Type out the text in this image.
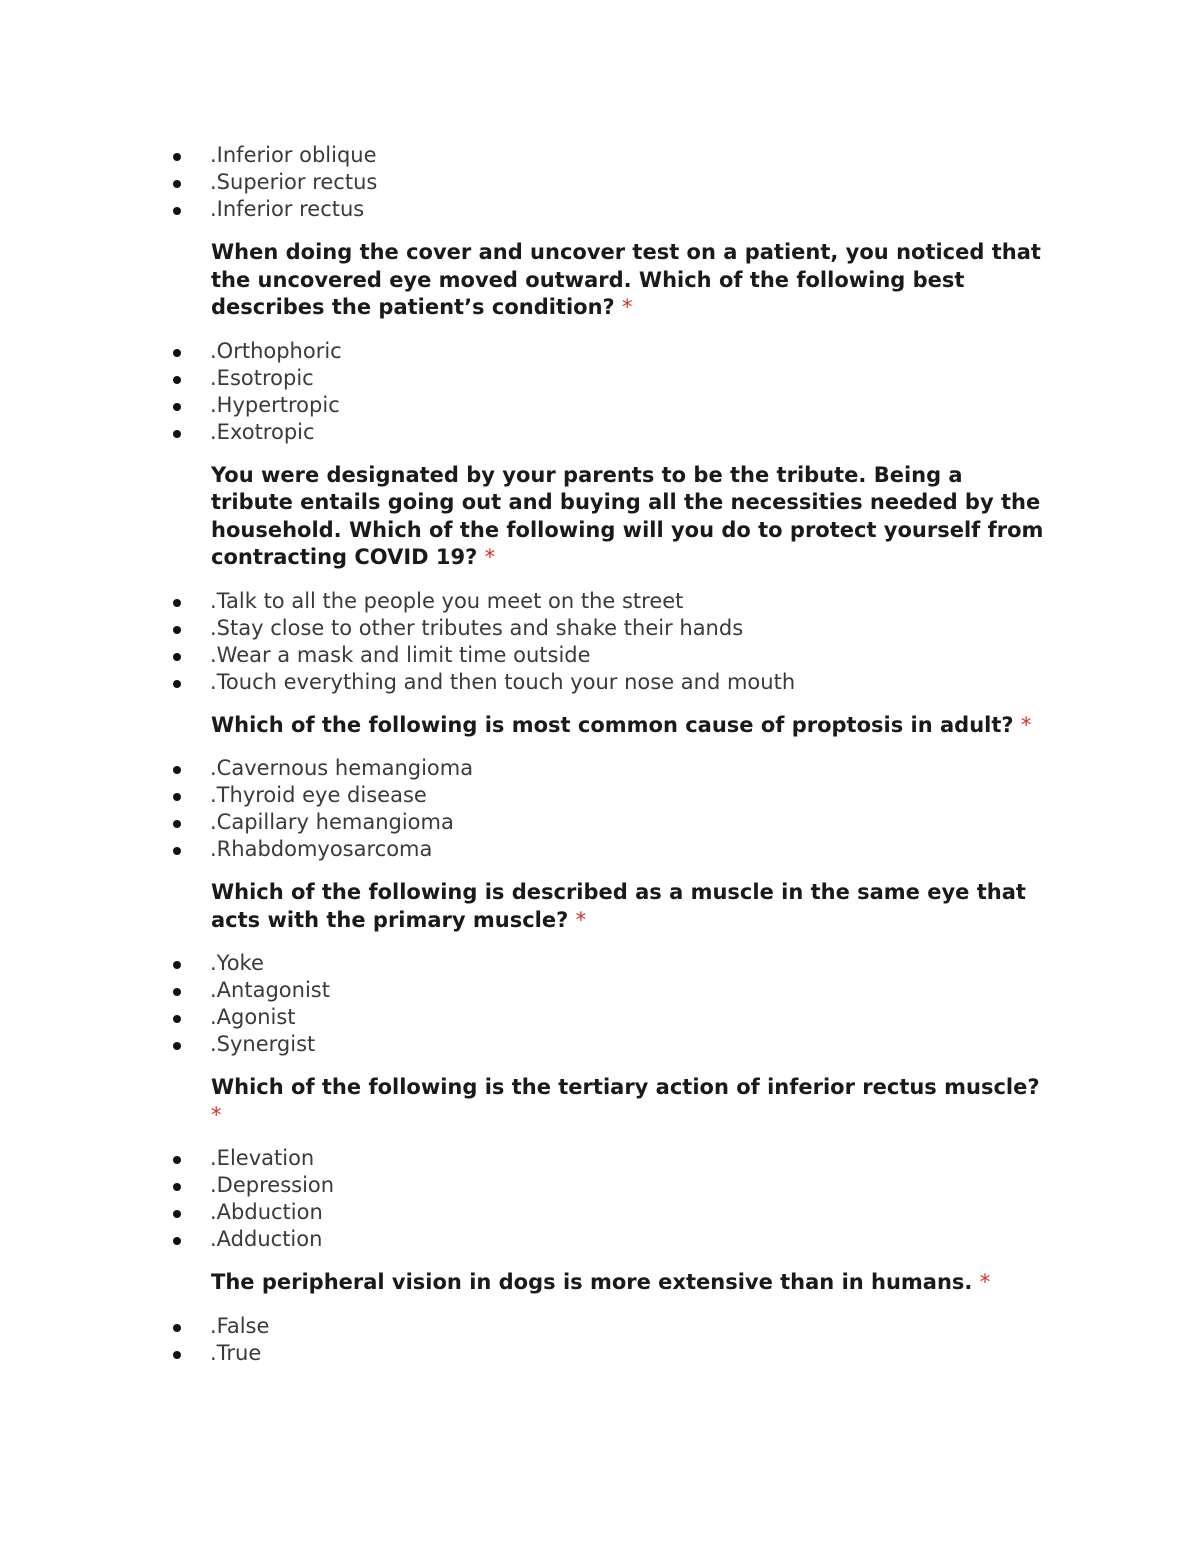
.Inferior oblique
.Superior rectus
.Inferior rectus

When doing the cover and uncover test on a patient, you noticed that the uncovered eye moved outward. Which of the following best describes the patient’s condition? *

.Orthophoric
.Esotropic
.Hypertropic
.Exotropic

You were designated by your parents to be the tribute. Being a tribute entails going out and buying all the necessities needed by the household. Which of the following will you do to protect yourself from contracting COVID 19? *

.Talk to all the people you meet on the street
.Stay close to other tributes and shake their hands
.Wear a mask and limit time outside
.Touch everything and then touch your nose and mouth

Which of the following is most common cause of proptosis in adult? *

.Cavernous hemangioma
.Thyroid eye disease
.Capillary hemangioma
.Rhabdomyosarcoma

Which of the following is described as a muscle in the same eye that acts with the primary muscle? *

.Yoke
.Antagonist
.Agonist
.Synergist

Which of the following is the tertiary action of inferior rectus muscle? *

.Elevation
.Depression
.Abduction
.Adduction

The peripheral vision in dogs is more extensive than in humans. *

.False
.True
